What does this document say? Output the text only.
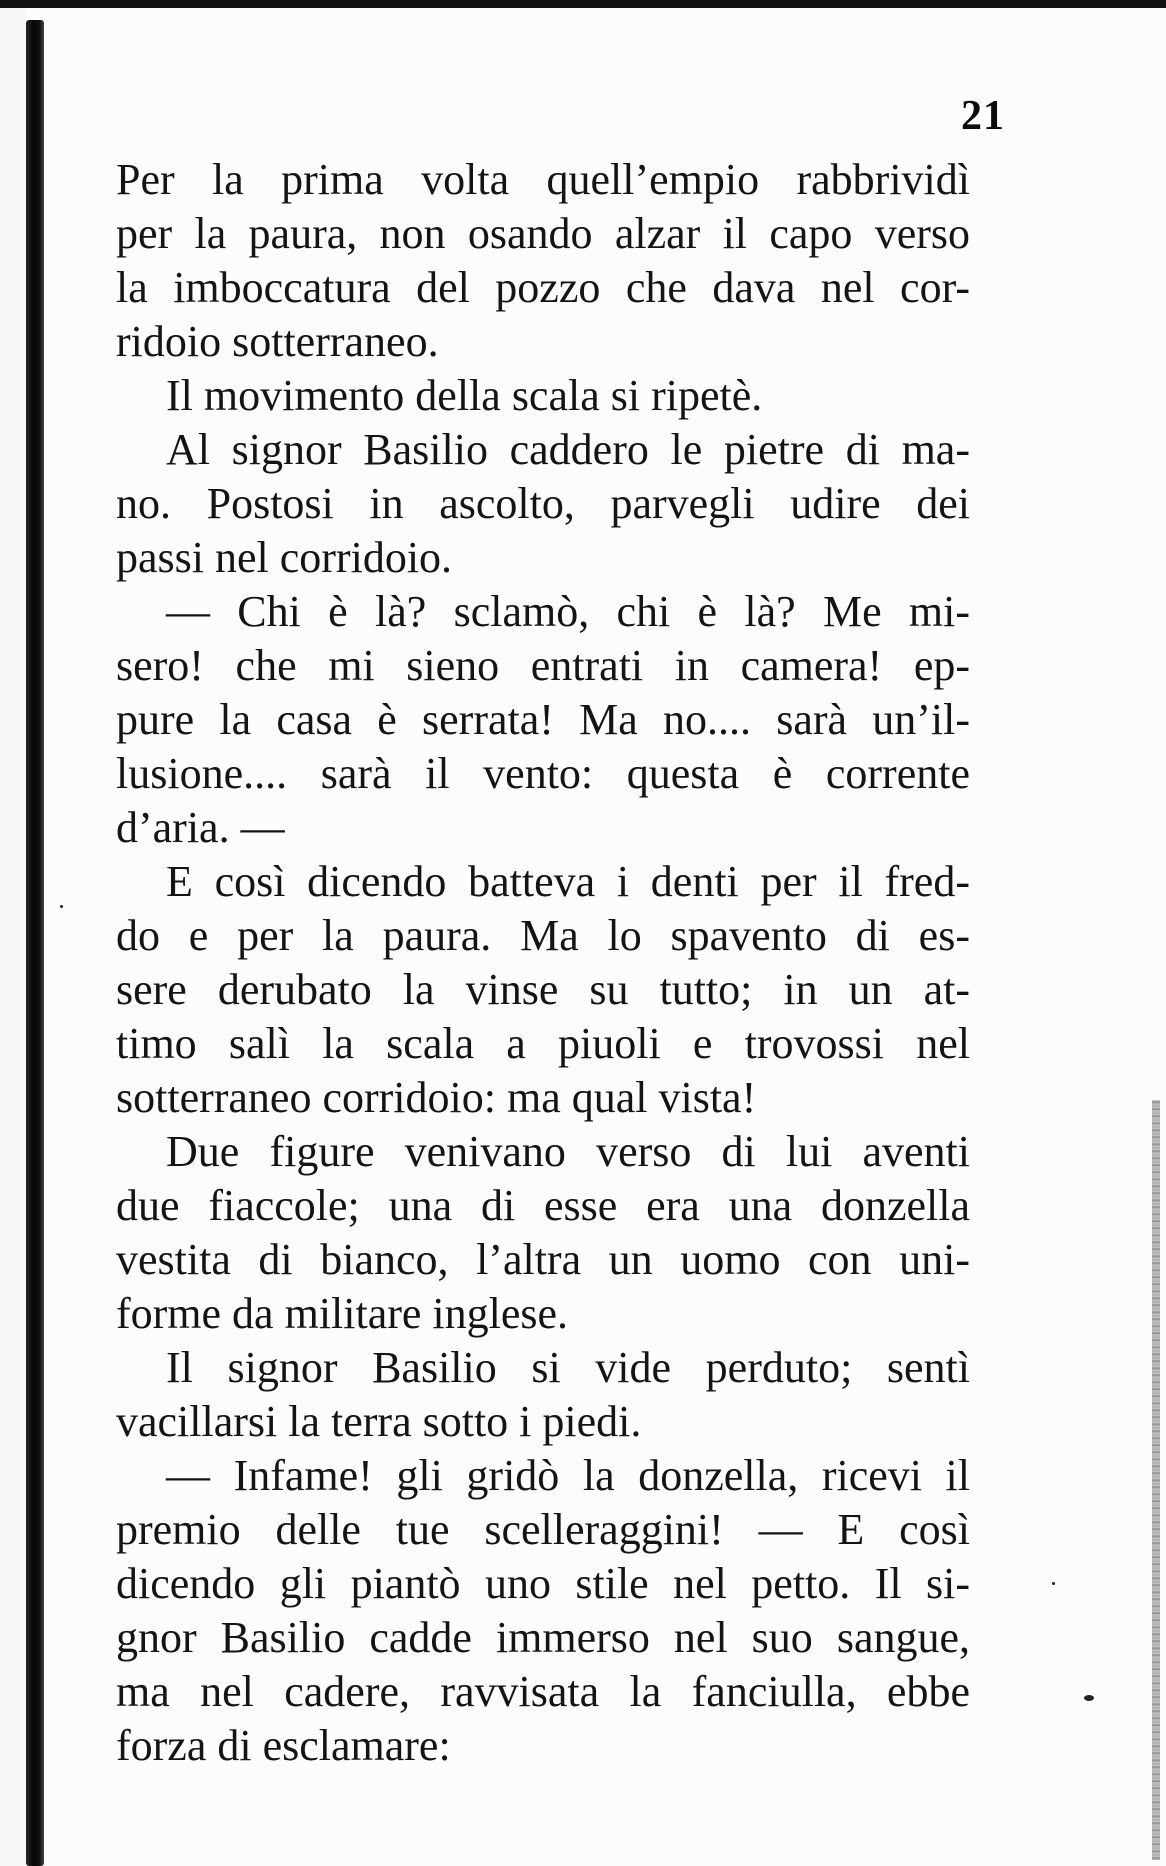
21
Per la prima volta quell’empio rabbrividì
per la paura, non osando alzar il capo verso
la imboccatura del pozzo che dava nel cor-
ridoio sotterraneo.
Il movimento della scala si ripetè.
Al signor Basilio caddero le pietre di ma-
no. Postosi in ascolto, parvegli udire dei
passi nel corridoio.
— Chi è là? sclamò, chi è là? Me mi-
sero! che mi sieno entrati in camera! ep-
pure la casa è serrata! Ma no.... sarà un’il-
lusione.... sarà il vento: questa è corrente
d’aria. —
E così dicendo batteva i denti per il fred-
do e per la paura. Ma lo spavento di es-
sere derubato la vinse su tutto; in un at-
timo salì la scala a piuoli e trovossi nel
sotterraneo corridoio: ma qual vista!
Due figure venivano verso di lui aventi
due fiaccole; una di esse era una donzella
vestita di bianco, l’altra un uomo con uni-
forme da militare inglese.
Il signor Basilio si vide perduto; sentì
vacillarsi la terra sotto i piedi.
— Infame! gli gridò la donzella, ricevi il
premio delle tue scelleraggini! — E così
dicendo gli piantò uno stile nel petto. Il si-
gnor Basilio cadde immerso nel suo sangue,
ma nel cadere, ravvisata la fanciulla, ebbe
forza di esclamare:
